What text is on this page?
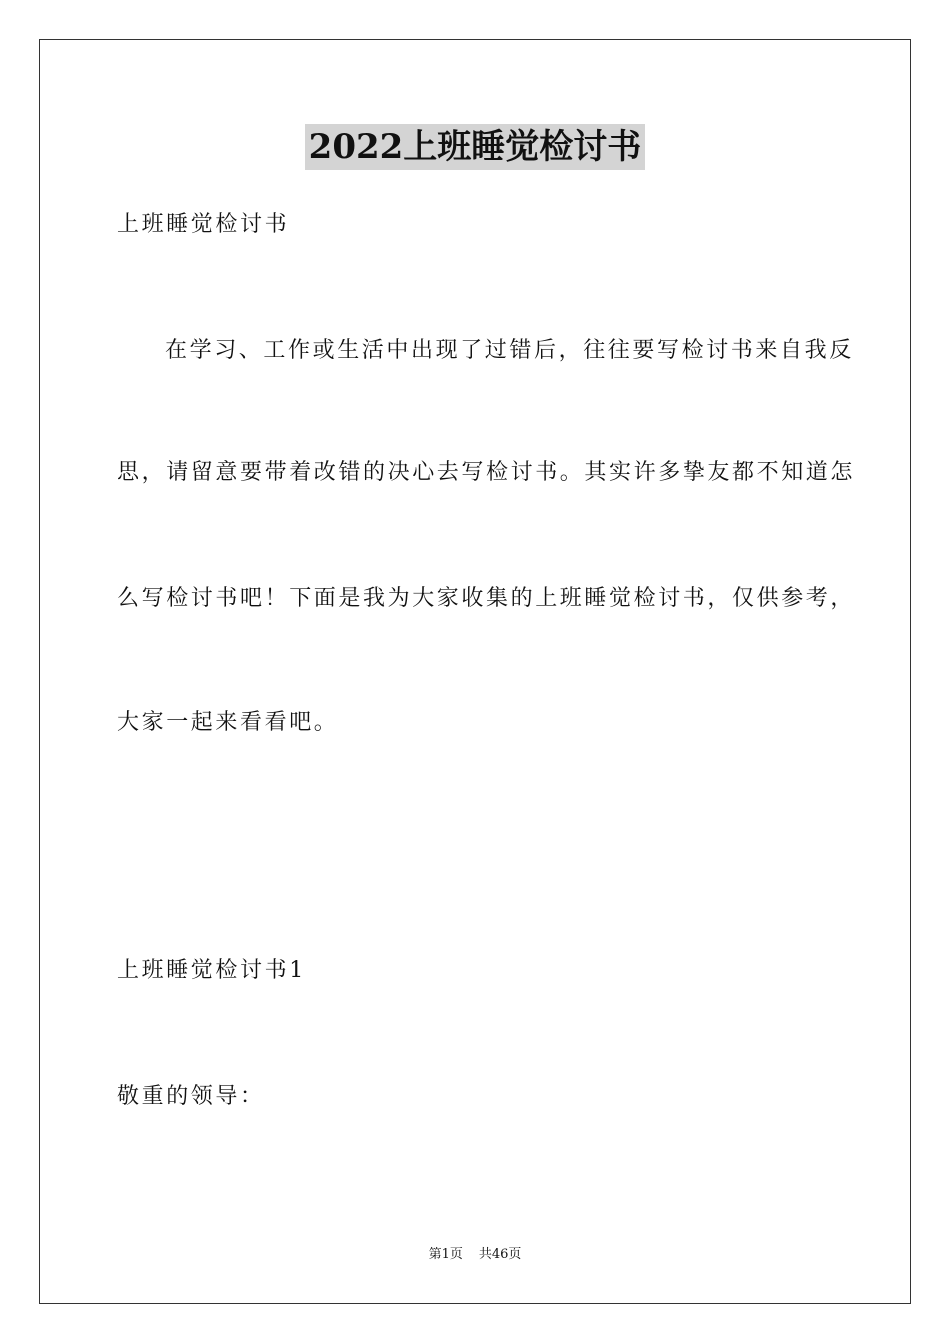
2022上班睡觉检讨书
上班睡觉检讨书
在学习、工作或生活中出现了过错后，往往要写检讨书来自我反
思，请留意要带着改错的决心去写检讨书。其实许多挚友都不知道怎
么写检讨书吧！下面是我为大家收集的上班睡觉检讨书，仅供参考，
大家一起来看看吧。
上班睡觉检讨书1
敬重的领导：
第1页 共46页
